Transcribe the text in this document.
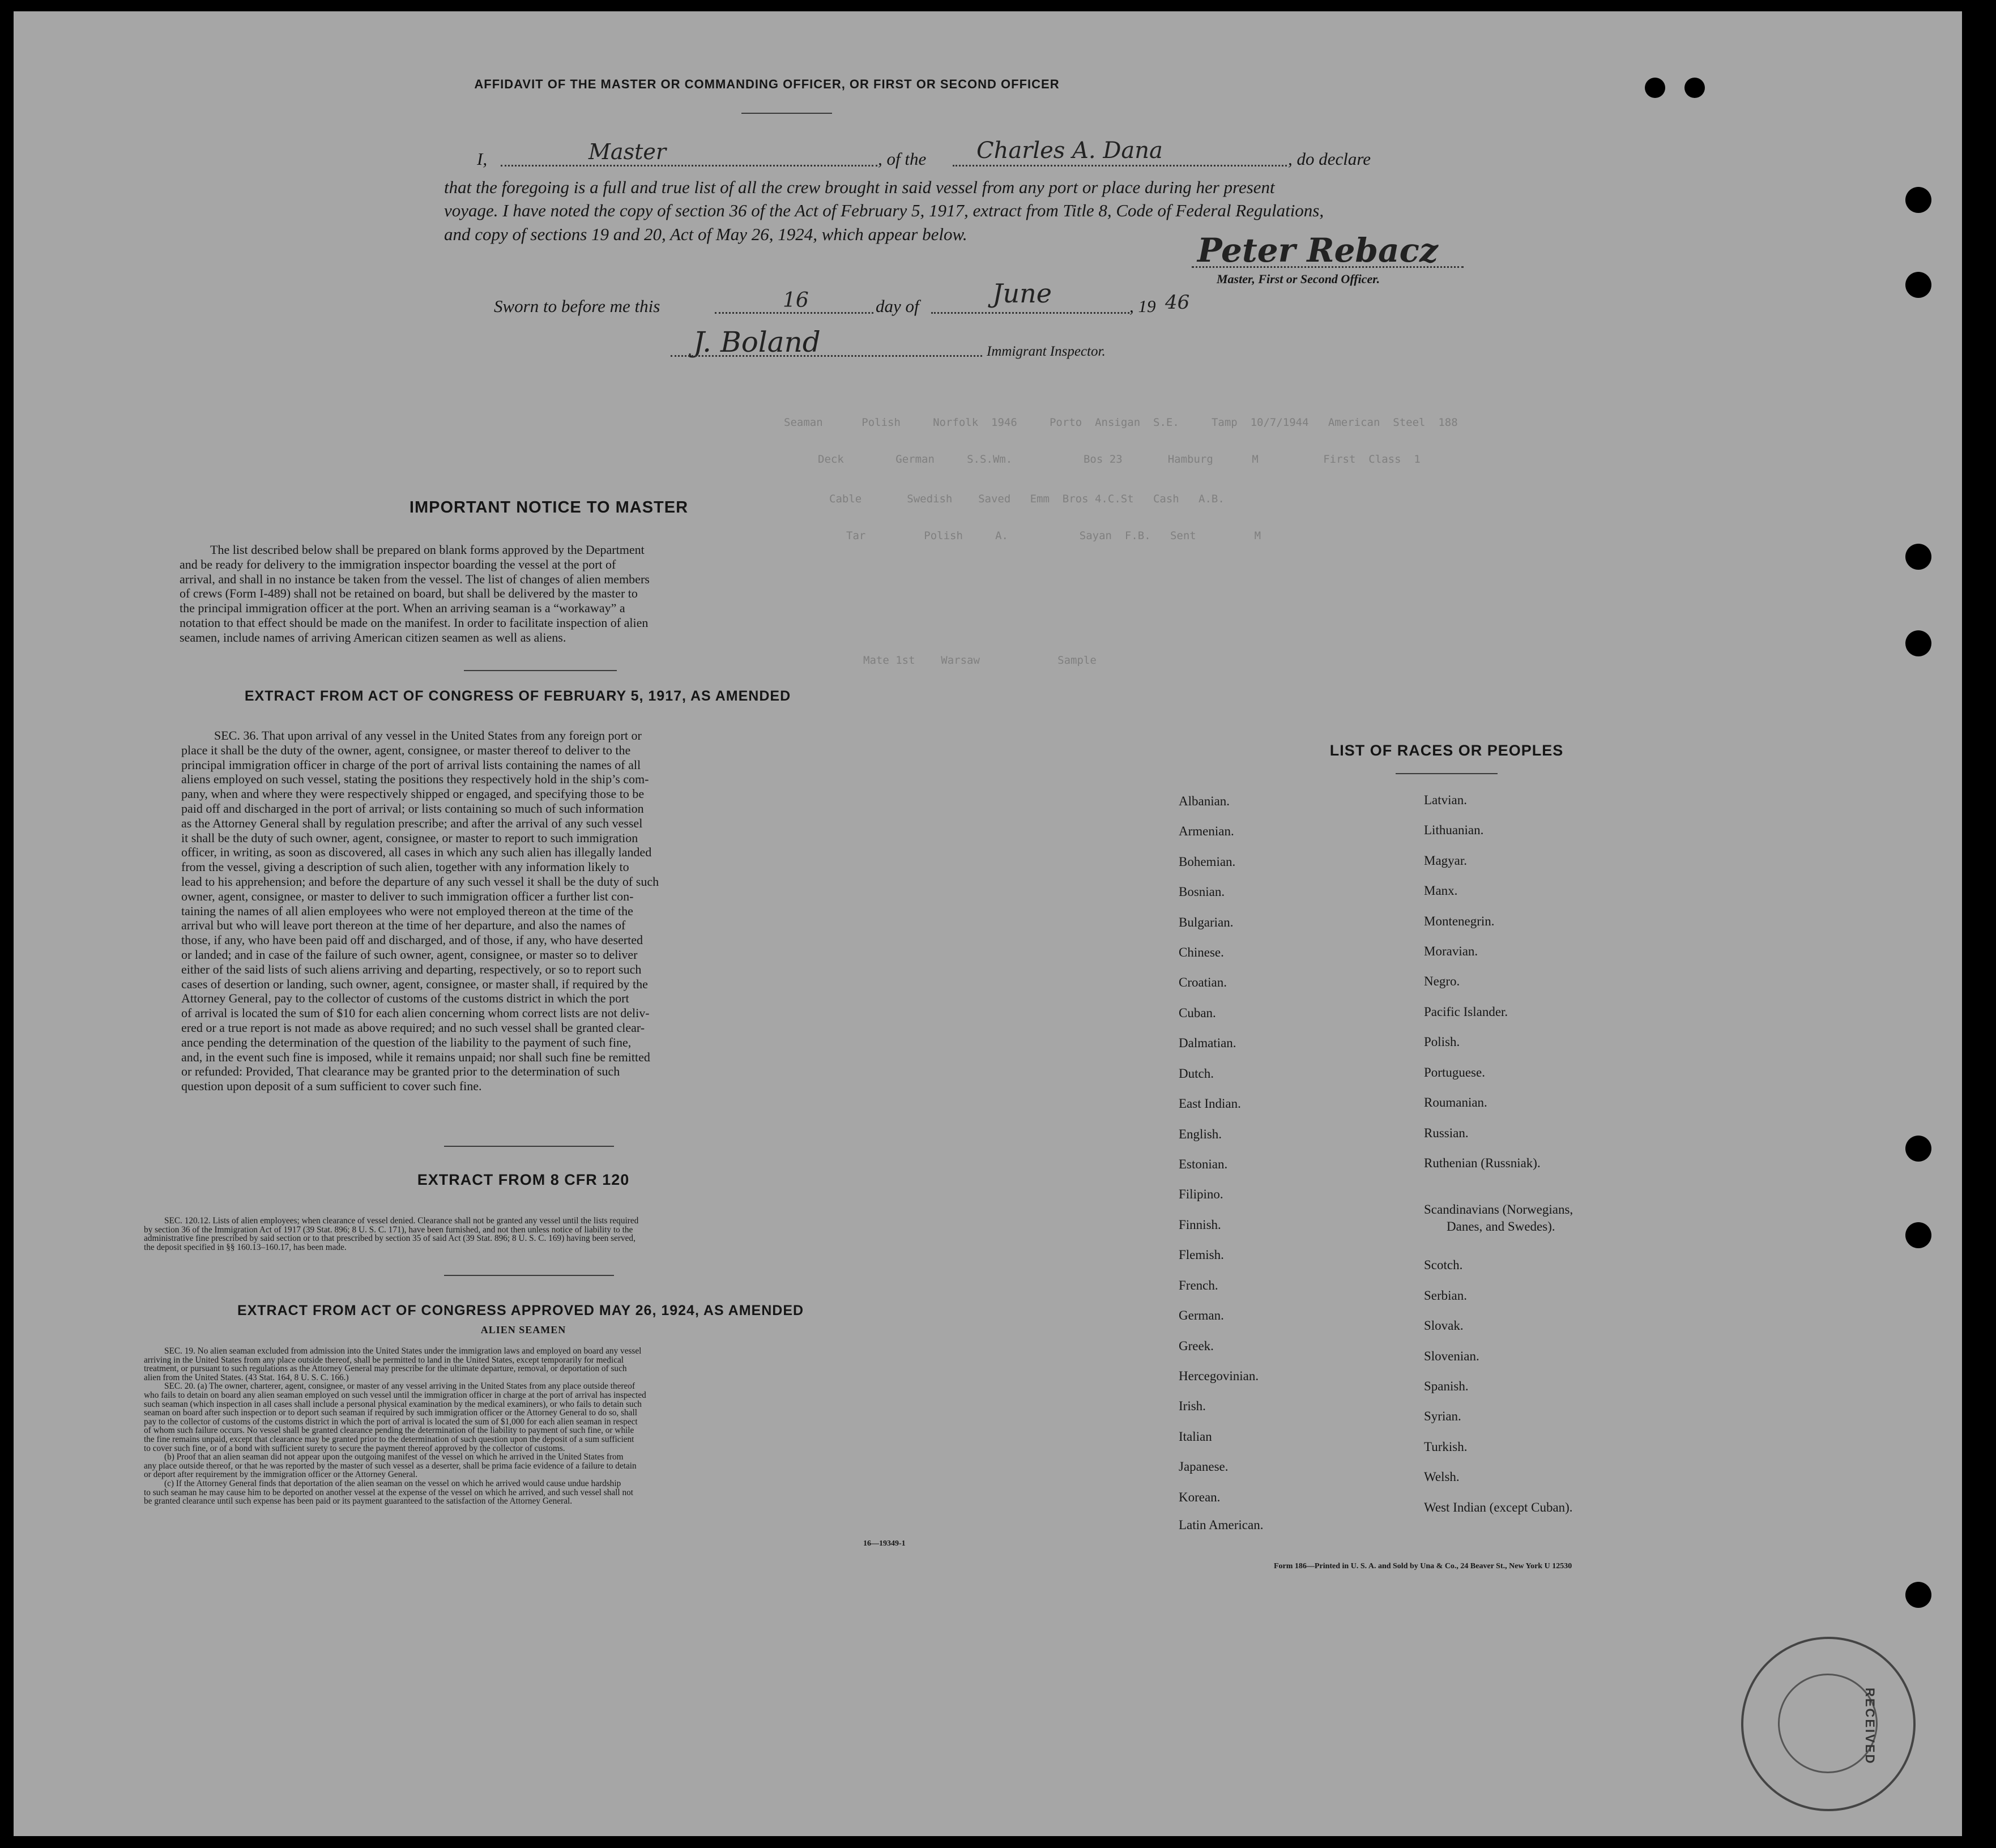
Seaman      Polish     Norfolk  1946     Porto  Ansigan  S.E.     Tamp  10/7/1944   American  Steel  188
Deck        German     S.S.Wm.           Bos 23       Hamburg      M          First  Class  1
Cable       Swedish    Saved   Emm  Bros 4.C.St   Cash   A.B.
Tar         Polish     A.           Sayan  F.B.   Sent         M
Mate 1st    Warsaw            Sample
AFFIDAVIT OF THE MASTER OR COMMANDING OFFICER, OR FIRST OR SECOND OFFICER
I,	Master	, of the Charles A. Dana	, do declare
that the foregoing is a full and true list of all the crew brought in said vessel from any port or place during her present
voyage. I have noted the copy of section 36 of the Act of February 5, 1917, extract from Title 8, Code of Federal Regulations,
and copy of sections 19 and 20, Act of May 26, 1924, which appear below.	Peter Rebacz
Master, First or Second Officer.
Sworn to before me this	16	day of	June	, 19 46
J. Boland	Immigrant Inspector.
IMPORTANT NOTICE TO MASTER
The list described below shall be prepared on blank forms approved by the Department
and be ready for delivery to the immigration inspector boarding the vessel at the port of
arrival, and shall in no instance be taken from the vessel. The list of changes of alien members
of crews (Form I-489) shall not be retained on board, but shall be delivered by the master to
the principal immigration officer at the port. When an arriving seaman is a “workaway” a
notation to that effect should be made on the manifest. In order to facilitate inspection of alien
seamen, include names of arriving American citizen seamen as well as aliens.
EXTRACT FROM ACT OF CONGRESS OF FEBRUARY 5, 1917, AS AMENDED
SEC. 36. That upon arrival of any vessel in the United States from any foreign port or
place it shall be the duty of the owner, agent, consignee, or master thereof to deliver to the
principal immigration officer in charge of the port of arrival lists containing the names of all
aliens employed on such vessel, stating the positions they respectively hold in the ship’s com-
pany, when and where they were respectively shipped or engaged, and specifying those to be
paid off and discharged in the port of arrival; or lists containing so much of such information
as the Attorney General shall by regulation prescribe; and after the arrival of any such vessel
it shall be the duty of such owner, agent, consignee, or master to report to such immigration
officer, in writing, as soon as discovered, all cases in which any such alien has illegally landed
from the vessel, giving a description of such alien, together with any information likely to
lead to his apprehension; and before the departure of any such vessel it shall be the duty of such
owner, agent, consignee, or master to deliver to such immigration officer a further list con-
taining the names of all alien employees who were not employed thereon at the time of the
arrival but who will leave port thereon at the time of her departure, and also the names of
those, if any, who have been paid off and discharged, and of those, if any, who have deserted
or landed; and in case of the failure of such owner, agent, consignee, or master so to deliver
either of the said lists of such aliens arriving and departing, respectively, or so to report such
cases of desertion or landing, such owner, agent, consignee, or master shall, if required by the
Attorney General, pay to the collector of customs of the customs district in which the port
of arrival is located the sum of $10 for each alien concerning whom correct lists are not deliv-
ered or a true report is not made as above required; and no such vessel shall be granted clear-
ance pending the determination of the question of the liability to the payment of such fine,
and, in the event such fine is imposed, while it remains unpaid; nor shall such fine be remitted
or refunded: Provided, That clearance may be granted prior to the determination of such
question upon deposit of a sum sufficient to cover such fine.
EXTRACT FROM 8 CFR 120
SEC. 120.12. Lists of alien employees; when clearance of vessel denied. Clearance shall not be granted any vessel until the lists required
by section 36 of the Immigration Act of 1917 (39 Stat. 896; 8 U. S. C. 171), have been furnished, and not then unless notice of liability to the
administrative fine prescribed by said section or to that prescribed by section 35 of said Act (39 Stat. 896; 8 U. S. C. 169) having been served,
the deposit specified in §§ 160.13–160.17, has been made.
EXTRACT FROM ACT OF CONGRESS APPROVED MAY 26, 1924, AS AMENDED
ALIEN SEAMEN
SEC. 19. No alien seaman excluded from admission into the United States under the immigration laws and employed on board any vessel
arriving in the United States from any place outside thereof, shall be permitted to land in the United States, except temporarily for medical
treatment, or pursuant to such regulations as the Attorney General may prescribe for the ultimate departure, removal, or deportation of such
alien from the United States. (43 Stat. 164, 8 U. S. C. 166.)
SEC. 20. (a) The owner, charterer, agent, consignee, or master of any vessel arriving in the United States from any place outside thereof
who fails to detain on board any alien seaman employed on such vessel until the immigration officer in charge at the port of arrival has inspected
such seaman (which inspection in all cases shall include a personal physical examination by the medical examiners), or who fails to detain such
seaman on board after such inspection or to deport such seaman if required by such immigration officer or the Attorney General to do so, shall
pay to the collector of customs of the customs district in which the port of arrival is located the sum of $1,000 for each alien seaman in respect
of whom such failure occurs. No vessel shall be granted clearance pending the determination of the liability to payment of such fine, or while
the fine remains unpaid, except that clearance may be granted prior to the determination of such question upon the deposit of a sum sufficient
to cover such fine, or of a bond with sufficient surety to secure the payment thereof approved by the collector of customs.
(b) Proof that an alien seaman did not appear upon the outgoing manifest of the vessel on which he arrived in the United States from
any place outside thereof, or that he was reported by the master of such vessel as a deserter, shall be prima facie evidence of a failure to detain
or deport after requirement by the immigration officer or the Attorney General.
(c) If the Attorney General finds that deportation of the alien seaman on the vessel on which he arrived would cause undue hardship
to such seaman he may cause him to be deported on another vessel at the expense of the vessel on which he arrived, and such vessel shall not
be granted clearance until such expense has been paid or its payment guaranteed to the satisfaction of the Attorney General.
16—19349-1
LIST OF RACES OR PEOPLES
Albanian.
Armenian.
Bohemian.
Bosnian.
Bulgarian.
Chinese.
Croatian.
Cuban.
Dalmatian.
Dutch.
East Indian.
English.
Estonian.
Filipino.
Finnish.
Flemish.
French.
German.
Greek.
Hercegovinian.
Irish.
Italian
Japanese.
Korean.
Latin American.
Latvian.
Lithuanian.
Magyar.
Manx.
Montenegrin.
Moravian.
Negro.
Pacific Islander.
Polish.
Portuguese.
Roumanian.
Russian.
Ruthenian (Russniak).
Scandinavians (Norwegians,
Danes, and Swedes).
Scotch.
Serbian.
Slovak.
Slovenian.
Spanish.
Syrian.
Turkish.
Welsh.
West Indian (except Cuban).
Form 186—Printed in U. S. A. and Sold by Una & Co., 24 Beaver St., New York U 12530
RECEIVED
